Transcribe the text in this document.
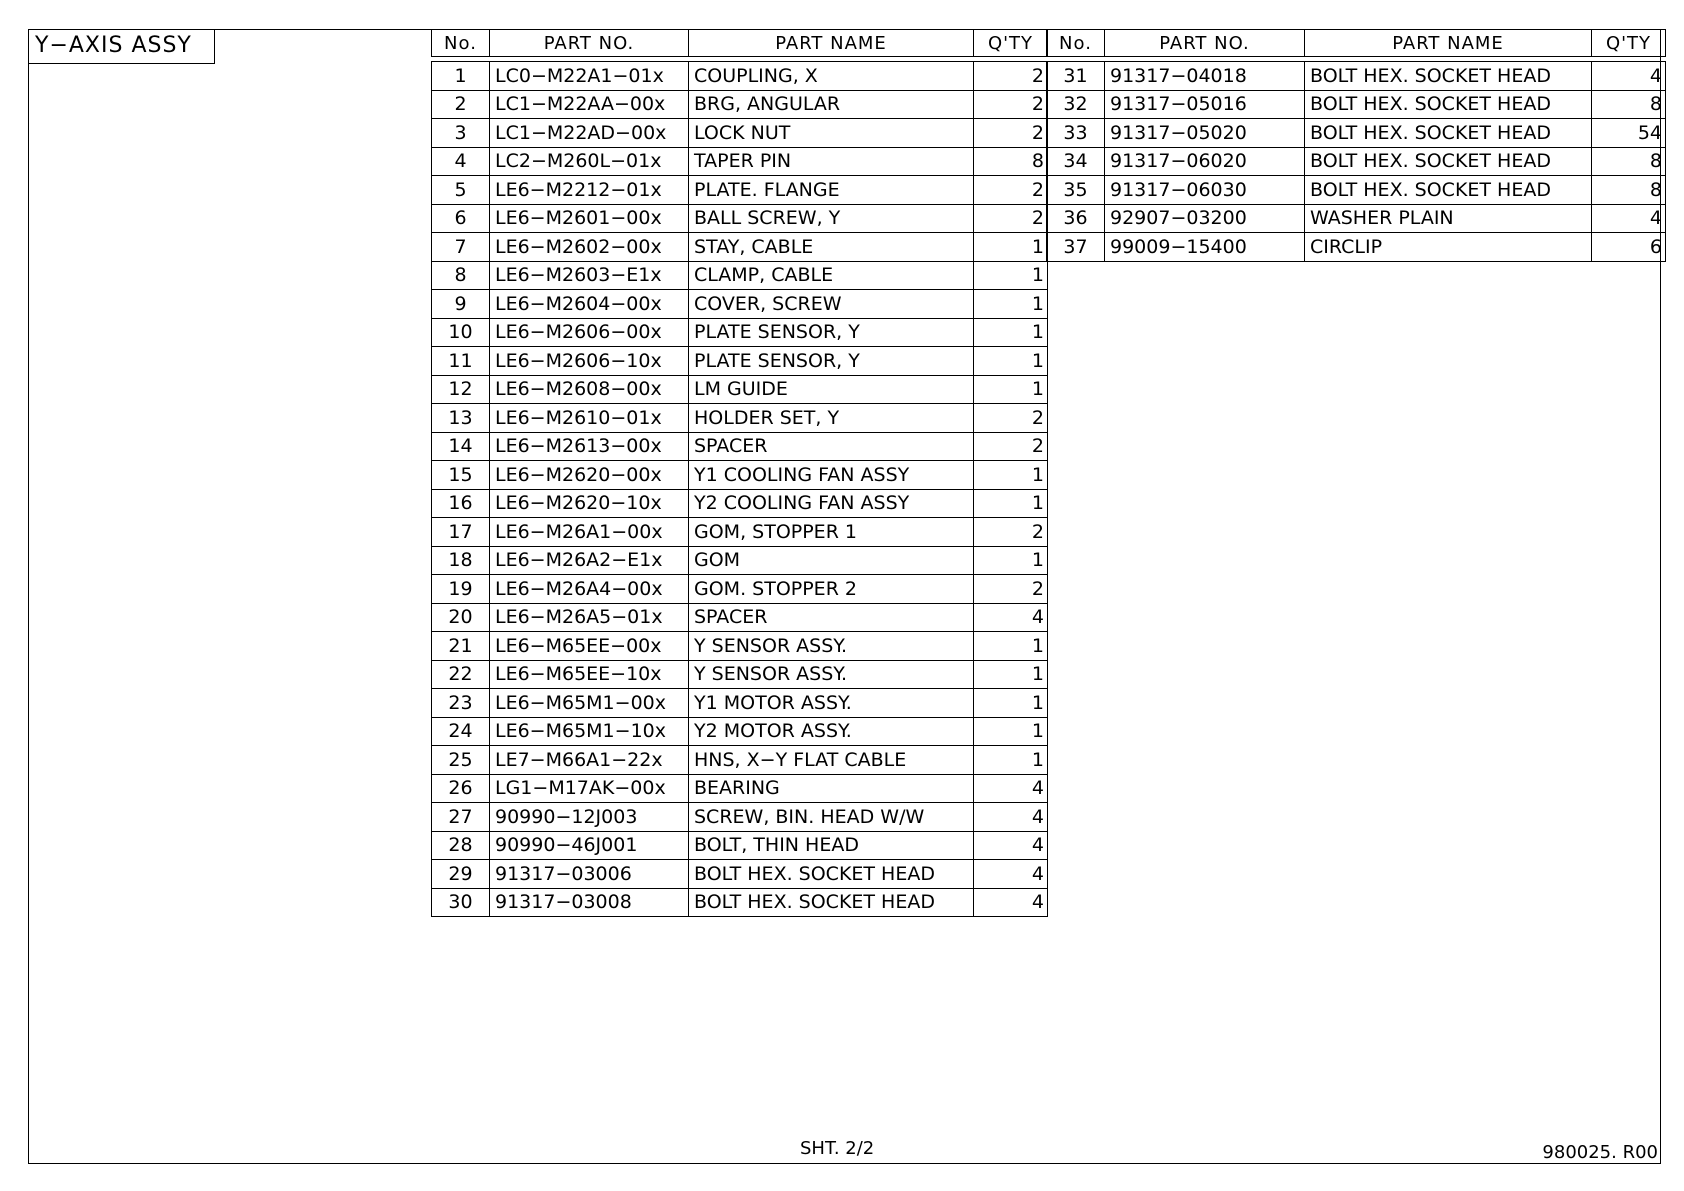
Y−AXIS ASSY	No.	PART NO.	PART NAME	Q'TY

1	LC0−M22A1−01x	COUPLING, X	2
2	LC1−M22AA−00x	BRG, ANGULAR	2
3	LC1−M22AD−00x	LOCK NUT	2
4	LC2−M260L−01x	TAPER PIN	8
5	LE6−M2212−01x	PLATE. FLANGE	2
6	LE6−M2601−00x	BALL SCREW, Y	2
7	LE6−M2602−00x	STAY, CABLE	1
8	LE6−M2603−E1x	CLAMP, CABLE	1
9	LE6−M2604−00x	COVER, SCREW	1
10	LE6−M2606−00x	PLATE SENSOR, Y	1
11	LE6−M2606−10x	PLATE SENSOR, Y	1
12	LE6−M2608−00x	LM GUIDE	1
13	LE6−M2610−01x	HOLDER SET, Y	2
14	LE6−M2613−00x	SPACER	2
15	LE6−M2620−00x	Y1 COOLING FAN ASSY	1
16	LE6−M2620−10x	Y2 COOLING FAN ASSY	1
17	LE6−M26A1−00x	GOM, STOPPER 1	2
18	LE6−M26A2−E1x	GOM	1
19	LE6−M26A4−00x	GOM. STOPPER 2	2
20	LE6−M26A5−01x	SPACER	4
21	LE6−M65EE−00x	Y SENSOR ASSY.	1
22	LE6−M65EE−10x	Y SENSOR ASSY.	1
23	LE6−M65M1−00x	Y1 MOTOR ASSY.	1
24	LE6−M65M1−10x	Y2 MOTOR ASSY.	1
25	LE7−M66A1−22x	HNS, X−Y FLAT CABLE	1
26	LG1−M17AK−00x	BEARING	4
27	90990−12J003	SCREW, BIN. HEAD W/W	4
28	90990−46J001	BOLT, THIN HEAD	4
29	91317−03006	BOLT HEX. SOCKET HEAD	4
30	91317−03008	BOLT HEX. SOCKET HEAD	4
No.	PART NO.	PART NAME	Q'TY

31	91317−04018	BOLT HEX. SOCKET HEAD	4
32	91317−05016	BOLT HEX. SOCKET HEAD	8
33	91317−05020	BOLT HEX. SOCKET HEAD	54
34	91317−06020	BOLT HEX. SOCKET HEAD	8
35	91317−06030	BOLT HEX. SOCKET HEAD	8
36	92907−03200	WASHER PLAIN	4
37	99009−15400	CIRCLIP	6
SHT. 2/2	980025. R00
